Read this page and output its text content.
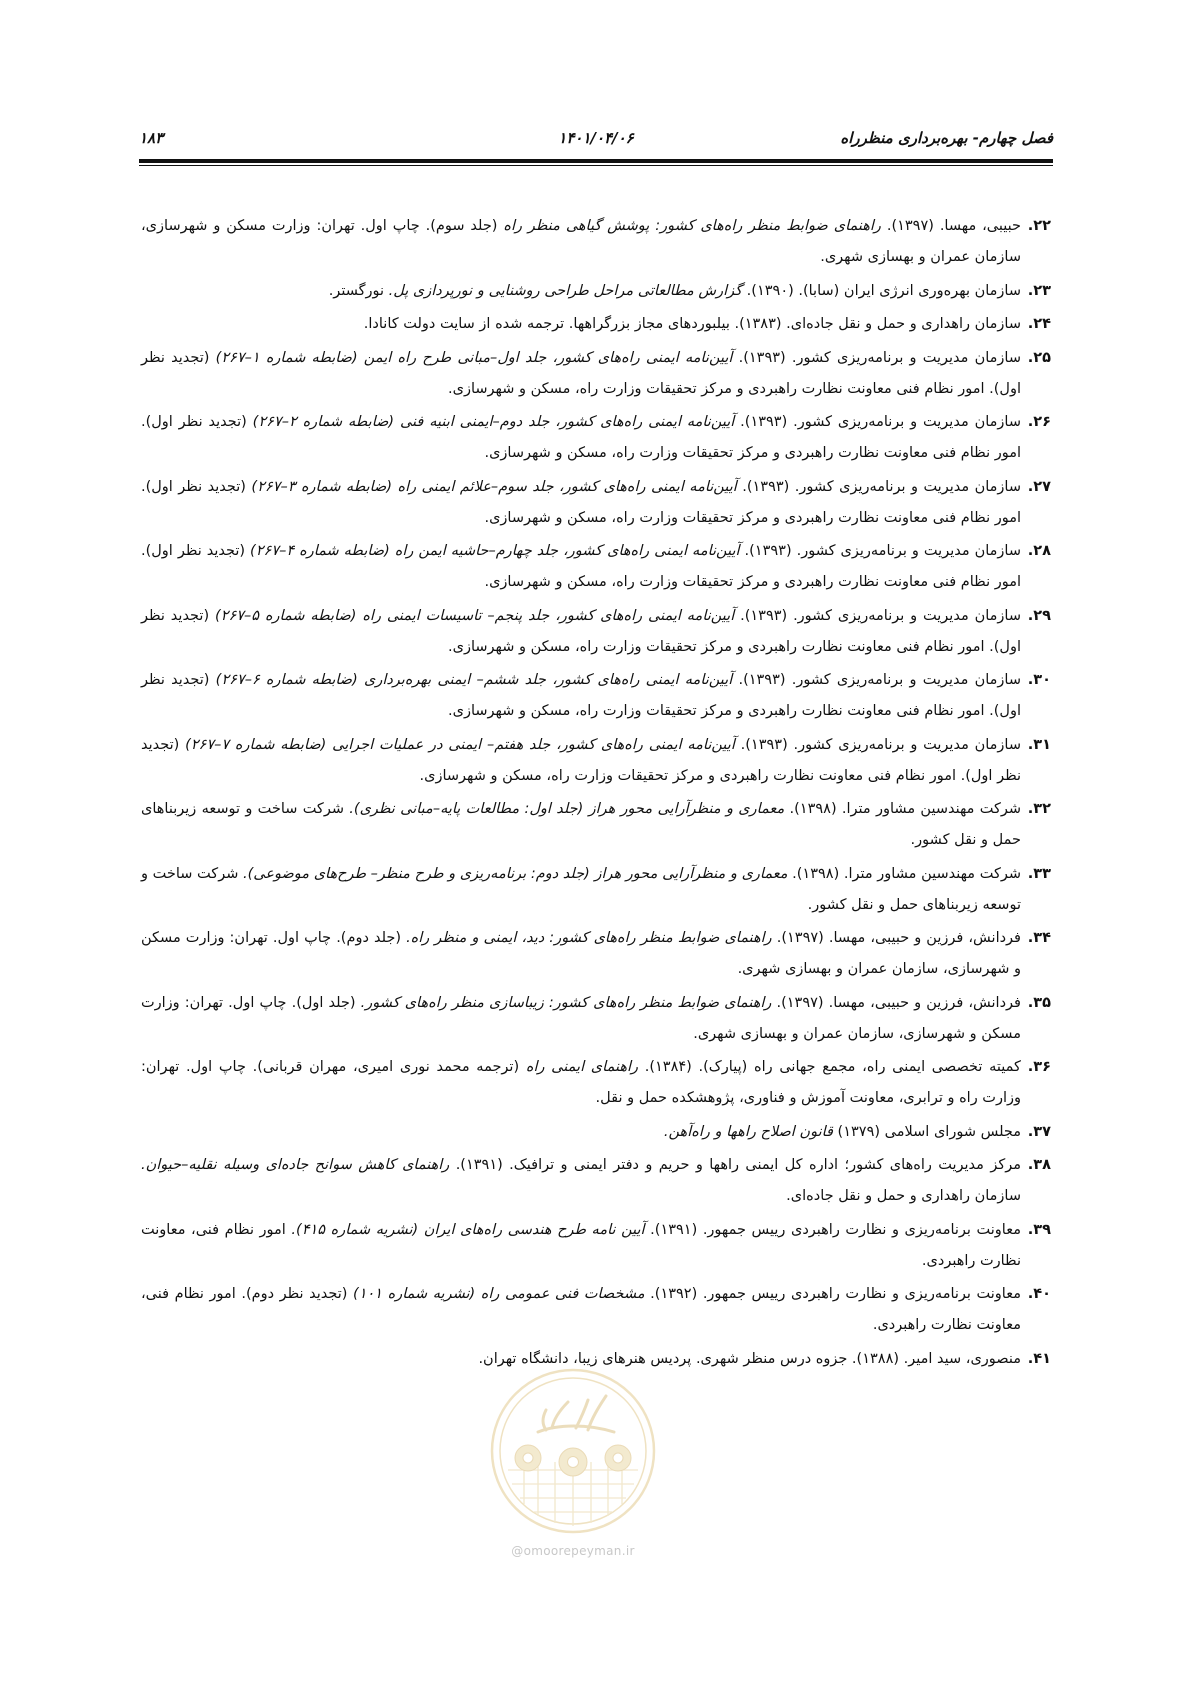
فصل چهارم- بهره‌برداری منظرراه
۱۴۰۱/۰۴/۰۶
۱۸۳
۲۲.
حبیبی، مهسا. (۱۳۹۷). راهنمای ضوابط منظر راه‌های کشور: پوشش گیاهی منظر راه (جلد سوم). چاپ اول. تهران: وزارت مسکن و شهرسازی، سازمان عمران و بهسازی شهری.
۲۳.
سازمان بهره‌وری انرژی ایران (سابا). (۱۳۹۰). گزارش مطالعاتی مراحل طراحی روشنایی و نورپردازی پل. نورگستر.
۲۴.
سازمان راهداری و حمل و نقل جاده‌ای. (۱۳۸۳). بیلبوردهای مجاز بزرگراهها. ترجمه شده از سایت دولت کانادا.
۲۵.
سازمان مدیریت و برنامه‌ریزی کشور. (۱۳۹۳). آیین‌نامه ایمنی راه‌های کشور، جلد اول–مبانی طرح راه ایمن (ضابطه شماره ۱–۲۶۷) (تجدید نظر اول). امور نظام فنی معاونت نظارت راهبردی و مرکز تحقیقات وزارت راه، مسکن و شهرسازی.
۲۶.
سازمان مدیریت و برنامه‌ریزی کشور. (۱۳۹۳). آیین‌نامه ایمنی راه‌های کشور، جلد دوم–ایمنی ابنیه فنی (ضابطه شماره ۲–۲۶۷) (تجدید نظر اول). امور نظام فنی معاونت نظارت راهبردی و مرکز تحقیقات وزارت راه، مسکن و شهرسازی.
۲۷.
سازمان مدیریت و برنامه‌ریزی کشور. (۱۳۹۳). آیین‌نامه ایمنی راه‌های کشور، جلد سوم–علائم ایمنی راه (ضابطه شماره ۳–۲۶۷) (تجدید نظر اول). امور نظام فنی معاونت نظارت راهبردی و مرکز تحقیقات وزارت راه، مسکن و شهرسازی.
۲۸.
سازمان مدیریت و برنامه‌ریزی کشور. (۱۳۹۳). آیین‌نامه ایمنی راه‌های کشور، جلد چهارم–حاشیه ایمن راه (ضابطه شماره ۴–۲۶۷) (تجدید نظر اول). امور نظام فنی معاونت نظارت راهبردی و مرکز تحقیقات وزارت راه، مسکن و شهرسازی.
۲۹.
سازمان مدیریت و برنامه‌ریزی کشور. (۱۳۹۳). آیین‌نامه ایمنی راه‌های کشور، جلد پنجم– تاسیسات ایمنی راه (ضابطه شماره ۵–۲۶۷) (تجدید نظر اول). امور نظام فنی معاونت نظارت راهبردی و مرکز تحقیقات وزارت راه، مسکن و شهرسازی.
۳۰.
سازمان مدیریت و برنامه‌ریزی کشور. (۱۳۹۳). آیین‌نامه ایمنی راه‌های کشور، جلد ششم– ایمنی بهره‌برداری (ضابطه شماره ۶–۲۶۷) (تجدید نظر اول). امور نظام فنی معاونت نظارت راهبردی و مرکز تحقیقات وزارت راه، مسکن و شهرسازی.
۳۱.
سازمان مدیریت و برنامه‌ریزی کشور. (۱۳۹۳). آیین‌نامه ایمنی راه‌های کشور، جلد هفتم– ایمنی در عملیات اجرایی (ضابطه شماره ۷–۲۶۷) (تجدید نظر اول). امور نظام فنی معاونت نظارت راهبردی و مرکز تحقیقات وزارت راه، مسکن و شهرسازی.
۳۲.
شرکت مهندسین مشاور مترا. (۱۳۹۸). معماری و منظرآرایی محور هراز (جلد اول: مطالعات پایه–مبانی نظری). شرکت ساخت و توسعه زیربناهای حمل و نقل کشور.
۳۳.
شرکت مهندسین مشاور مترا. (۱۳۹۸). معماری و منظرآرایی محور هراز (جلد دوم: برنامه‌ریزی و طرح منظر– طرح‌های موضوعی). شرکت ساخت و توسعه زیربناهای حمل و نقل کشور.
۳۴.
فردانش، فرزین و حبیبی، مهسا. (۱۳۹۷). راهنمای ضوابط منظر راه‌های کشور: دید، ایمنی و منظر راه. (جلد دوم). چاپ اول. تهران: وزارت مسکن و شهرسازی، سازمان عمران و بهسازی شهری.
۳۵.
فردانش، فرزین و حبیبی، مهسا. (۱۳۹۷). راهنمای ضوابط منظر راه‌های کشور: زیباسازی منظر راه‌های کشور. (جلد اول). چاپ اول. تهران: وزارت مسکن و شهرسازی، سازمان عمران و بهسازی شهری.
۳۶.
کمیته تخصصی ایمنی راه، مجمع جهانی راه (پیارک). (۱۳۸۴). راهنمای ایمنی راه (ترجمه محمد نوری امیری، مهران قربانی). چاپ اول. تهران: وزارت راه و ترابری، معاونت آموزش و فناوری، پژوهشکده حمل و نقل.
۳۷.
مجلس شورای اسلامی (۱۳۷۹) قانون اصلاح راهها و راه‌آهن.
۳۸.
مرکز مدیریت راه‌های کشور؛ اداره کل ایمنی راهها و حریم و دفتر ایمنی و ترافیک. (۱۳۹۱). راهنمای کاهش سوانح جاده‌ای وسیله نقلیه–حیوان. سازمان راهداری و حمل و نقل جاده‌ای.
۳۹.
معاونت برنامه‌ریزی و نظارت راهبردی رییس جمهور. (۱۳۹۱). آیین نامه طرح هندسی راه‌های ایران (نشریه شماره ۴۱۵). امور نظام فنی، معاونت نظارت راهبردی.
۴۰.
معاونت برنامه‌ریزی و نظارت راهبردی رییس جمهور. (۱۳۹۲). مشخصات فنی عمومی راه (نشریه شماره ۱۰۱) (تجدید نظر دوم). امور نظام فنی، معاونت نظارت راهبردی.
۴۱.
منصوری، سید امیر. (۱۳۸۸). جزوه درس منظر شهری. پردیس هنرهای زیبا، دانشگاه تهران.
@omoorepeyman.ir
